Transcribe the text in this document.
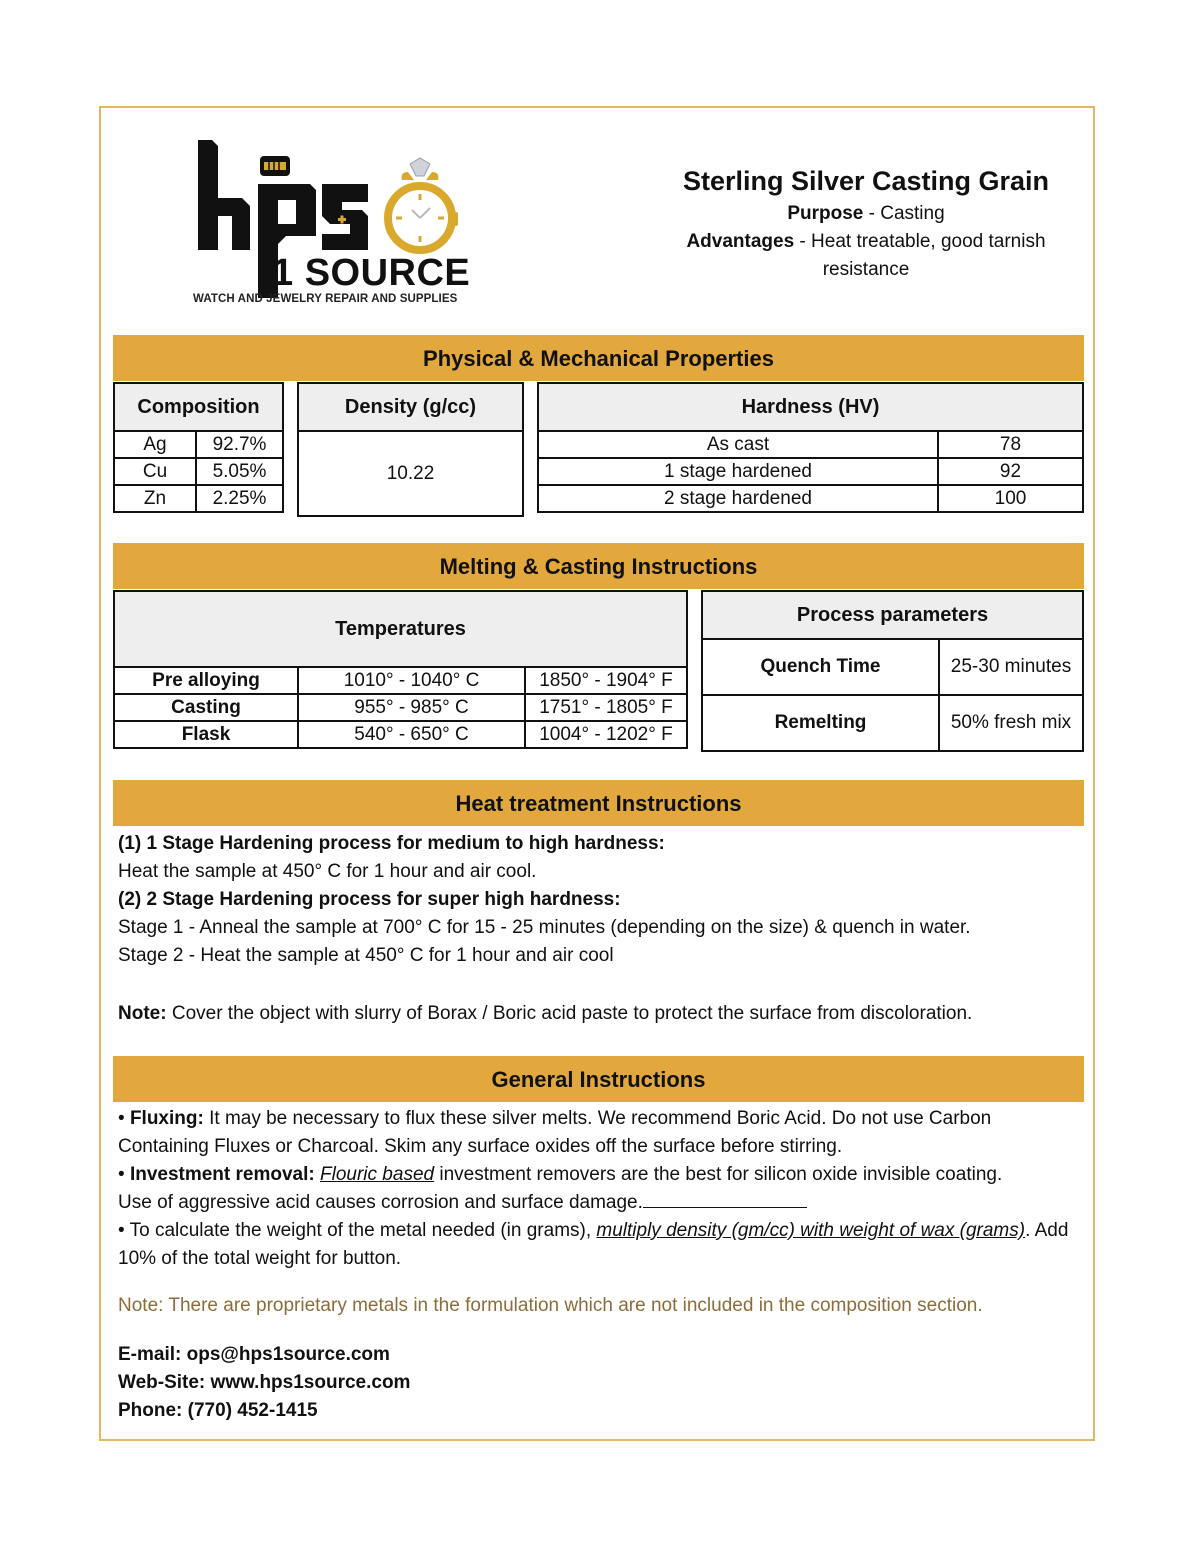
1 SOURCE
WATCH AND JEWELRY REPAIR AND SUPPLIES
Sterling Silver Casting Grain
Purpose - Casting
Advantages - Heat treatable, good tarnish resistance
Physical & Mechanical Properties
Composition	
Ag	92.7%
Cu	5.05%
Zn	2.25%
Density (g/cc)
10.22
Hardness (HV)	
As cast	78
1 stage hardened	92
2 stage hardened	100
Melting & Casting Instructions
Temperatures		
Pre alloying	1010° - 1040° C	1850° - 1904° F
Casting	955° - 985° C	1751° - 1805° F
Flask	540° - 650° C	1004° - 1202° F
Process parameters	
Quench Time	25-30 minutes
Remelting	50% fresh mix
Heat treatment Instructions
(1) 1 Stage Hardening process for medium to high hardness:
Heat the sample at 450° C for 1 hour and air cool.
(2) 2 Stage Hardening process for super high hardness:
Stage 1 - Anneal the sample at 700° C for 15 - 25 minutes (depending on the size) & quench in water.
Stage 2 - Heat the sample at 450° C for 1 hour and air cool
Note: Cover the object with slurry of Borax / Boric acid paste to protect the surface from discoloration.
General Instructions
• Fluxing: It may be necessary to flux these silver melts. We recommend Boric Acid. Do not use Carbon Containing Fluxes or Charcoal. Skim any surface oxides off the surface before stirring.
• Investment removal: Flouric based investment removers are the best for silicon oxide invisible coating.
Use of aggressive acid causes corrosion and surface damage.
• To calculate the weight of the metal needed (in grams), multiply density (gm/cc) with weight of wax (grams). Add 10% of the total weight for button.
Note: There are proprietary metals in the formulation which are not included in the composition section.
E-mail: ops@hps1source.com
Web-Site: www.hps1source.com
Phone: (770) 452-1415
